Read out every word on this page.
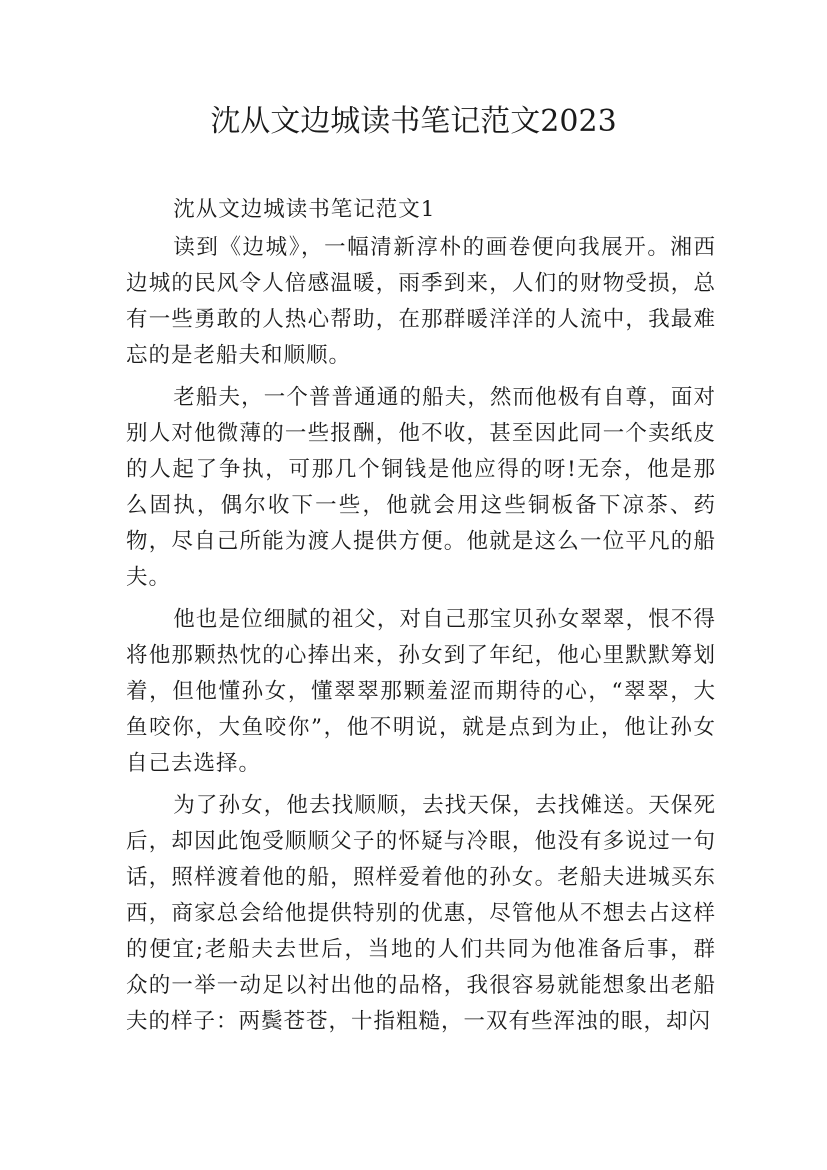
沈从文边城读书笔记范文2023
沈从文边城读书笔记范文1

读到《边城》，一幅清新淳朴的画卷便向我展开。湘西边城的民风令人倍感温暖，雨季到来，人们的财物受损，总有一些勇敢的人热心帮助，在那群暖洋洋的人流中，我最难忘的是老船夫和顺顺。

老船夫，一个普普通通的船夫，然而他极有自尊，面对别人对他微薄的一些报酬，他不收，甚至因此同一个卖纸皮的人起了争执，可那几个铜钱是他应得的呀!无奈，他是那么固执，偶尔收下一些，他就会用这些铜板备下凉茶、药物，尽自己所能为渡人提供方便。他就是这么一位平凡的船夫。

他也是位细腻的祖父，对自己那宝贝孙女翠翠，恨不得将他那颗热忱的心捧出来，孙女到了年纪，他心里默默筹划着，但他懂孙女，懂翠翠那颗羞涩而期待的心，“翠翠，大鱼咬你，大鱼咬你”，他不明说，就是点到为止，他让孙女自己去选择。

为了孙女，他去找顺顺，去找天保，去找傩送。天保死后，却因此饱受顺顺父子的怀疑与冷眼，他没有多说过一句话，照样渡着他的船，照样爱着他的孙女。老船夫进城买东西，商家总会给他提供特别的优惠，尽管他从不想去占这样的便宜;老船夫去世后，当地的人们共同为他准备后事，群众的一举一动足以衬出他的品格，我很容易就能想象出老船夫的样子：两鬓苍苍，十指粗糙，一双有些浑浊的眼，却闪
